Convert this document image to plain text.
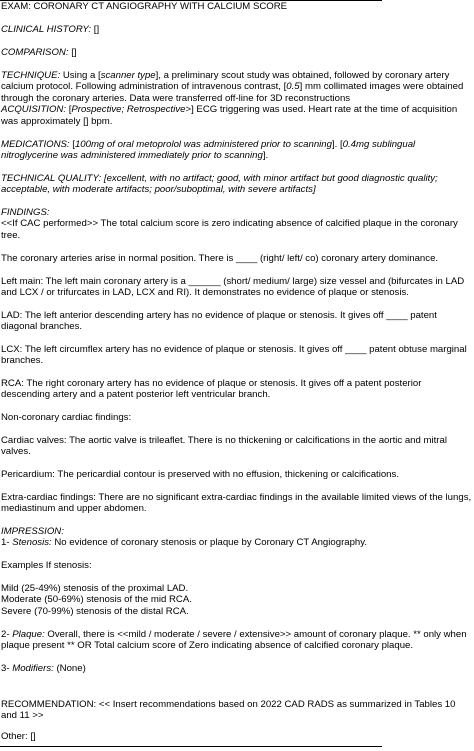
EXAM: CORONARY CT ANGIOGRAPHY WITH CALCIUM SCORE

CLINICAL HISTORY: []

COMPARISON: []

TECHNIQUE: Using a [scanner type], a preliminary scout study was obtained, followed by coronary artery calcium protocol. Following administration of intravenous contrast, [0.5] mm collimated images were obtained through the coronary arteries. Data were transferred off-line for 3D reconstructions
ACQUISITION: [Prospective; Retrospective>] ECG triggering was used. Heart rate at the time of acquisition was approximately [] bpm.

MEDICATIONS: [100mg of oral metoprolol was administered prior to scanning]. [0.4mg sublingual nitroglycerine was administered immediately prior to scanning].

TECHNICAL QUALITY: [excellent, with no artifact; good, with minor artifact but good diagnostic quality; acceptable, with moderate artifacts; poor/suboptimal, with severe artifacts]

FINDINGS:
<<If CAC performed>> The total calcium score is zero indicating absence of calcified plaque in the coronary tree.

The coronary arteries arise in normal position. There is ____ (right/ left/ co) coronary artery dominance.

Left main: The left main coronary artery is a ______ (short/ medium/ large) size vessel and (bifurcates in LAD and LCX / or trifurcates in LAD, LCX and RI). It demonstrates no evidence of plaque or stenosis.

LAD: The left anterior descending artery has no evidence of plaque or stenosis. It gives off ____ patent diagonal branches.

LCX: The left circumflex artery has no evidence of plaque or stenosis. It gives off ____ patent obtuse marginal branches.

RCA: The right coronary artery has no evidence of plaque or stenosis. It gives off a patent posterior descending artery and a patent posterior left ventricular branch.

Non-coronary cardiac findings:

Cardiac valves: The aortic valve is trileaflet. There is no thickening or calcifications in the aortic and mitral valves.

Pericardium: The pericardial contour is preserved with no effusion, thickening or calcifications.

Extra-cardiac findings: There are no significant extra-cardiac findings in the available limited views of the lungs, mediastinum and upper abdomen.

IMPRESSION:
1- Stenosis: No evidence of coronary stenosis or plaque by Coronary CT Angiography.

Examples If stenosis:

Mild (25-49%) stenosis of the proximal LAD.
Moderate (50-69%) stenosis of the mid RCA.
Severe (70-99%) stenosis of the distal RCA.

2- Plaque: Overall, there is <<mild / moderate / severe / extensive>> amount of coronary plaque. ** only when plaque present ** OR Total calcium score of Zero indicating absence of calcified coronary plaque.

3- Modifiers: (None)

RECOMMENDATION: << Insert recommendations based on 2022 CAD RADS as summarized in Tables 10 and 11 >>

Other: []
